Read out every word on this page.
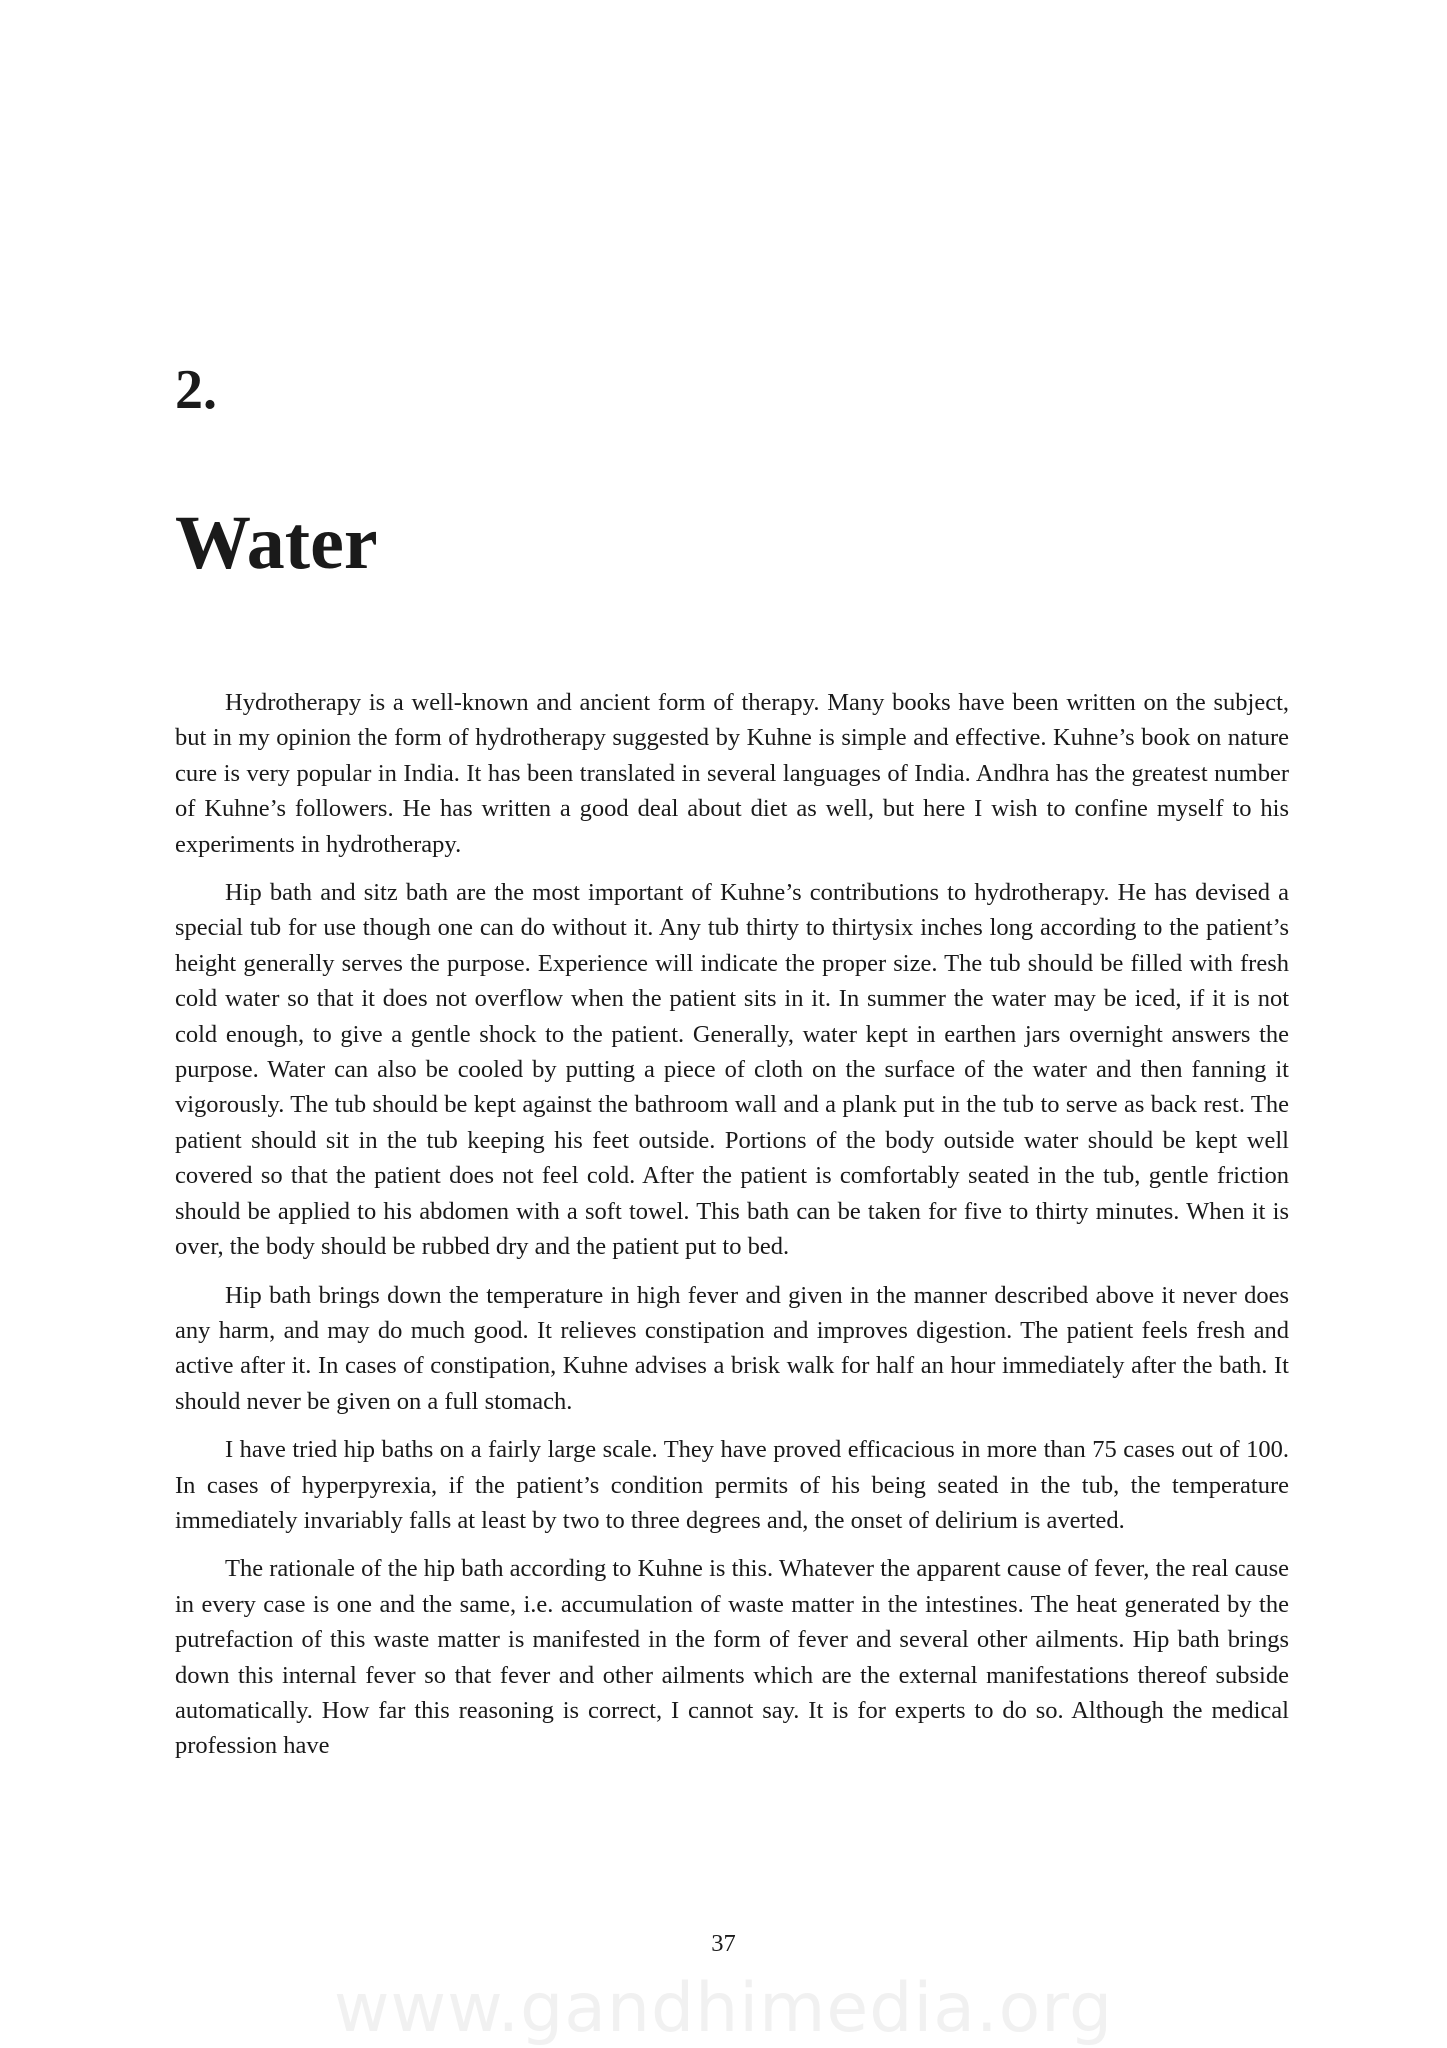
2.
Water

Hydrotherapy is a well-known and ancient form of therapy. Many books have been written on the subject, but in my opinion the form of hydrotherapy suggested by Kuhne is simple and effective. Kuhne’s book on nature cure is very popular in India. It has been translated in several languages of India. Andhra has the greatest number of Kuhne’s followers. He has written a good deal about diet as well, but here I wish to confine myself to his experiments in hydrotherapy.

Hip bath and sitz bath are the most important of Kuhne’s contributions to hydrotherapy. He has devised a special tub for use though one can do without it. Any tub thirty to thirtysix inches long according to the patient’s height generally serves the purpose. Experience will indicate the proper size. The tub should be filled with fresh cold water so that it does not overflow when the patient sits in it. In summer the water may be iced, if it is not cold enough, to give a gentle shock to the patient. Generally, water kept in earthen jars overnight answers the purpose. Water can also be cooled by putting a piece of cloth on the surface of the water and then fanning it vigorously. The tub should be kept against the bathroom wall and a plank put in the tub to serve as back rest. The patient should sit in the tub keeping his feet outside. Portions of the body outside water should be kept well covered so that the patient does not feel cold. After the patient is comfortably seated in the tub, gentle friction should be applied to his abdomen with a soft towel. This bath can be taken for five to thirty minutes. When it is over, the body should be rubbed dry and the patient put to bed.

Hip bath brings down the temperature in high fever and given in the manner described above it never does any harm, and may do much good. It relieves constipation and improves digestion. The patient feels fresh and active after it. In cases of constipation, Kuhne advises a brisk walk for half an hour immediately after the bath. It should never be given on a full stomach.

I have tried hip baths on a fairly large scale. They have proved efficacious in more than 75 cases out of 100. In cases of hyperpyrexia, if the patient’s condition permits of his being seated in the tub, the temperature immediately invariably falls at least by two to three degrees and, the onset of delirium is averted.

The rationale of the hip bath according to Kuhne is this. Whatever the apparent cause of fever, the real cause in every case is one and the same, i.e. accumulation of waste matter in the intestines. The heat generated by the putrefaction of this waste matter is manifested in the form of fever and several other ailments. Hip bath brings down this internal fever so that fever and other ailments which are the external manifestations thereof subside automatically. How far this reasoning is correct, I cannot say. It is for experts to do so. Although the medical profession have

37

www.gandhimedia.org
